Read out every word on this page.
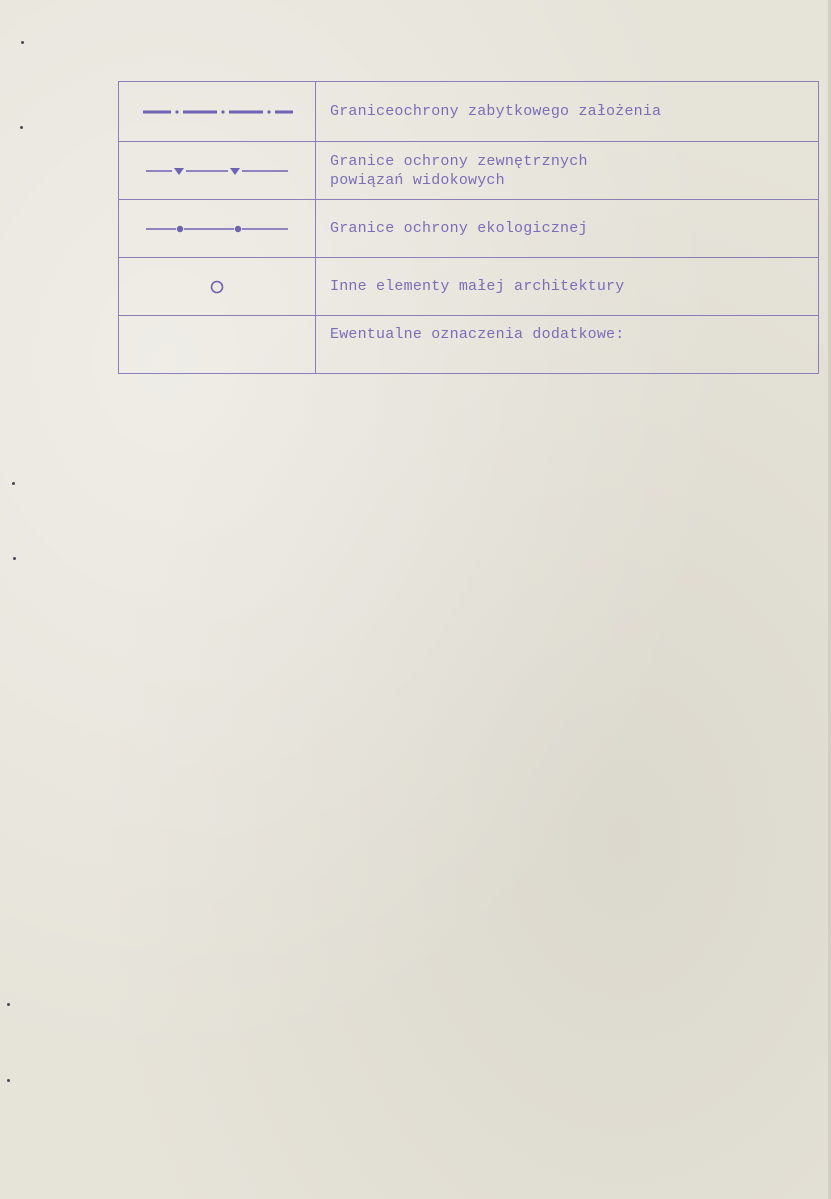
Graniceochrony zabytkowego założenia

Granice ochrony zewnętrznych
powiązań widokowych

Granice ochrony ekologicznej

Inne elementy małej architektury

	Ewentualne oznaczenia dodatkowe:
